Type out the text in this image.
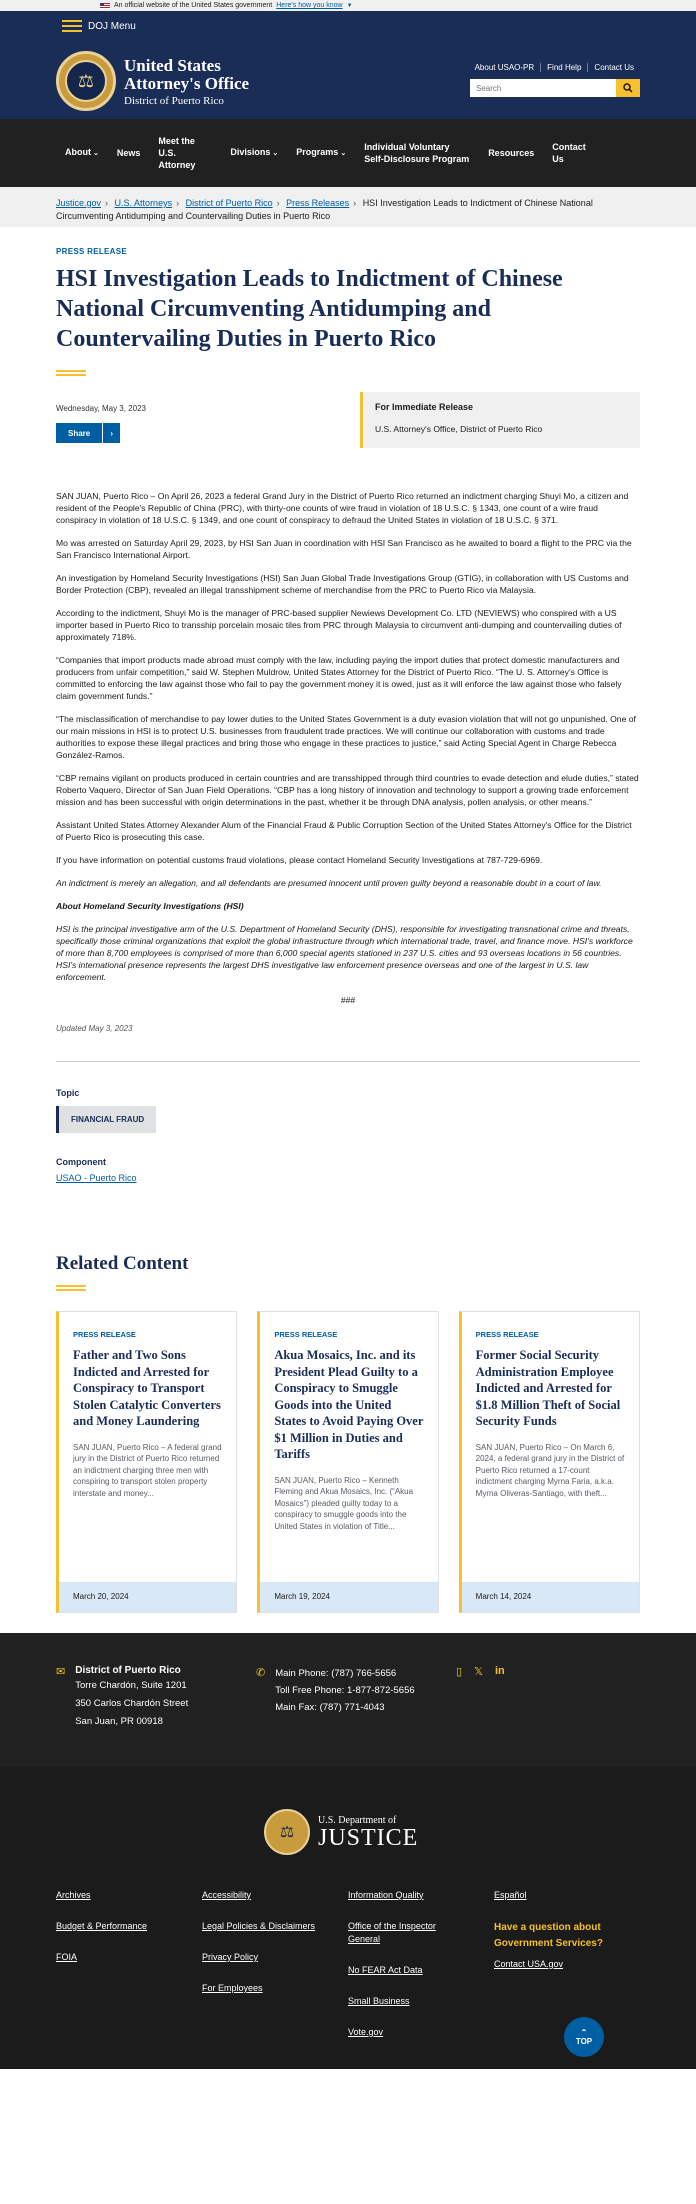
An official website of the United States government Here's how you know ▼
DOJ Menu
⚖
United States
Attorney's Office
District of Puerto Rico
About USAO-PR	Find Help	Contact Us
Search
About ⌄	News
Meet the U.S. Attorney
Divisions ⌄	Programs ⌄
Individual Voluntary Self-Disclosure Program
Resources
Contact Us
Justice.gov › U.S. Attorneys › District of Puerto Rico › Press Releases › HSI Investigation Leads to Indictment of Chinese National Circumventing Antidumping and Countervailing Duties in Puerto Rico
PRESS RELEASE
HSI Investigation Leads to Indictment of Chinese National Circumventing Antidumping and Countervailing Duties in Puerto Rico
Wednesday, May 3, 2023
Share	›
For Immediate Release
U.S. Attorney's Office, District of Puerto Rico

SAN JUAN, Puerto Rico – On April 26, 2023 a federal Grand Jury in the District of Puerto Rico returned an indictment charging Shuyi Mo, a citizen and resident of the People's Republic of China (PRC), with thirty-one counts of wire fraud in violation of 18 U.S.C. § 1343, one count of a wire fraud conspiracy in violation of 18 U.S.C. § 1349, and one count of conspiracy to defraud the United States in violation of 18 U.S.C. § 371.

Mo was arrested on Saturday April 29, 2023, by HSI San Juan in coordination with HSI San Francisco as he awaited to board a flight to the PRC via the San Francisco International Airport.

An investigation by Homeland Security Investigations (HSI) San Juan Global Trade Investigations Group (GTIG), in collaboration with US Customs and Border Protection (CBP), revealed an illegal transshipment scheme of merchandise from the PRC to Puerto Rico via Malaysia.

According to the indictment, Shuyi Mo is the manager of PRC-based supplier Newiews Development Co. LTD (NEVIEWS) who conspired with a US importer based in Puerto Rico to transship porcelain mosaic tiles from PRC through Malaysia to circumvent anti-dumping and countervailing duties of approximately 718%.

“Companies that import products made abroad must comply with the law, including paying the import duties that protect domestic manufacturers and producers from unfair competition,” said W. Stephen Muldrow, United States Attorney for the District of Puerto Rico. “The U. S. Attorney's Office is committed to enforcing the law against those who fail to pay the government money it is owed, just as it will enforce the law against those who falsely claim government funds.”

“The misclassification of merchandise to pay lower duties to the United States Government is a duty evasion violation that will not go unpunished. One of our main missions in HSI is to protect U.S. businesses from fraudulent trade practices. We will continue our collaboration with customs and trade authorities to expose these illegal practices and bring those who engage in these practices to justice,” said Acting Special Agent in Charge Rebecca González-Ramos.

“CBP remains vigilant on products produced in certain countries and are transshipped through third countries to evade detection and elude duties,” stated Roberto Vaquero, Director of San Juan Field Operations. “CBP has a long history of innovation and technology to support a growing trade enforcement mission and has been successful with origin determinations in the past, whether it be through DNA analysis, pollen analysis, or other means.”

Assistant United States Attorney Alexander Alum of the Financial Fraud & Public Corruption Section of the United States Attorney's Office for the District of Puerto Rico is prosecuting this case.

If you have information on potential customs fraud violations, please contact Homeland Security Investigations at 787-729-6969.

An indictment is merely an allegation, and all defendants are presumed innocent until proven guilty beyond a reasonable doubt in a court of law.

About Homeland Security Investigations (HSI)

HSI is the principal investigative arm of the U.S. Department of Homeland Security (DHS), responsible for investigating transnational crime and threats, specifically those criminal organizations that exploit the global infrastructure through which international trade, travel, and finance move. HSI's workforce of more than 8,700 employees is comprised of more than 6,000 special agents stationed in 237 U.S. cities and 93 overseas locations in 56 countries. HSI's international presence represents the largest DHS investigative law enforcement presence overseas and one of the largest in U.S. law enforcement.

###

Updated May 3, 2023
Topic
FINANCIAL FRAUD
Component
USAO - Puerto Rico
Related Content
PRESS RELEASE
Father and Two Sons Indicted and Arrested for Conspiracy to Transport Stolen Catalytic Converters and Money Laundering
SAN JUAN, Puerto Rico – A federal grand jury in the District of Puerto Rico returned an indictment charging three men with conspiring to transport stolen property interstate and money...
March 20, 2024
PRESS RELEASE
Akua Mosaics, Inc. and its President Plead Guilty to a Conspiracy to Smuggle Goods into the United States to Avoid Paying Over $1 Million in Duties and Tariffs
SAN JUAN, Puerto Rico – Kenneth Fleming and Akua Mosaics, Inc. (“Akua Mosaics”) pleaded guilty today to a conspiracy to smuggle goods into the United States in violation of Title...
March 19, 2024
PRESS RELEASE
Former Social Security Administration Employee Indicted and Arrested for $1.8 Million Theft of Social Security Funds
SAN JUAN, Puerto Rico – On March 6, 2024, a federal grand jury in the District of Puerto Rico returned a 17-count indictment charging Myrna Faria, a.k.a. Myrna Oliveras-Santiago, with theft...
March 14, 2024
✉ District of Puerto Rico
Torre Chardón, Suite 1201
350 Carlos Chardón Street
San Juan, PR 00918
✆ Main Phone: (787) 766-5656
Toll Free Phone: 1-877-872-5656
Main Fax: (787) 771-4043
▯ 𝕏 in
⚖
U.S. Department of
JUSTICE
Archives
Budget & Performance
FOIA
Accessibility
Legal Policies & Disclaimers
Privacy Policy
For Employees
Information Quality
Office of the Inspector General
No FEAR Act Data
Small Business
Vote.gov
Español
Have a question about Government Services?
Contact USA.gov
⌃
TOP
